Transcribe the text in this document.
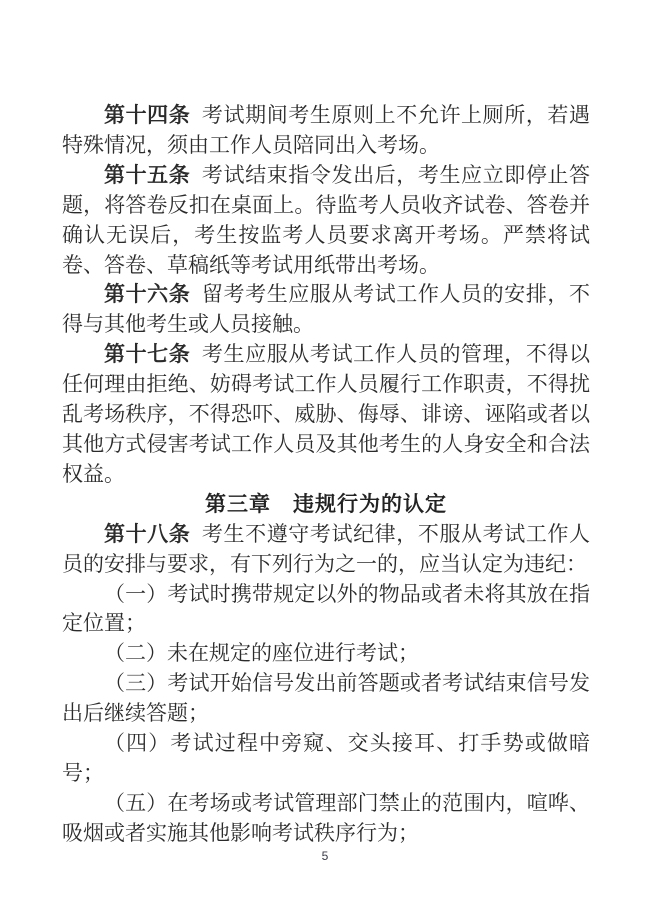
第十四条 考试期间考生原则上不允许上厕所，若遇特殊情况，须由工作人员陪同出入考场。

第十五条 考试结束指令发出后，考生应立即停止答题，将答卷反扣在桌面上。待监考人员收齐试卷、答卷并确认无误后，考生按监考人员要求离开考场。严禁将试卷、答卷、草稿纸等考试用纸带出考场。

第十六条 留考考生应服从考试工作人员的安排，不得与其他考生或人员接触。

第十七条 考生应服从考试工作人员的管理，不得以任何理由拒绝、妨碍考试工作人员履行工作职责，不得扰乱考场秩序，不得恐吓、威胁、侮辱、诽谤、诬陷或者以其他方式侵害考试工作人员及其他考生的人身安全和合法权益。

第三章　违规行为的认定

第十八条 考生不遵守考试纪律，不服从考试工作人员的安排与要求，有下列行为之一的，应当认定为违纪：

（一）考试时携带规定以外的物品或者未将其放在指定位置；

（二）未在规定的座位进行考试；

（三）考试开始信号发出前答题或者考试结束信号发出后继续答题；

（四）考试过程中旁窥、交头接耳、打手势或做暗号；

（五）在考场或考试管理部门禁止的范围内，喧哗、吸烟或者实施其他影响考试秩序行为；

5
